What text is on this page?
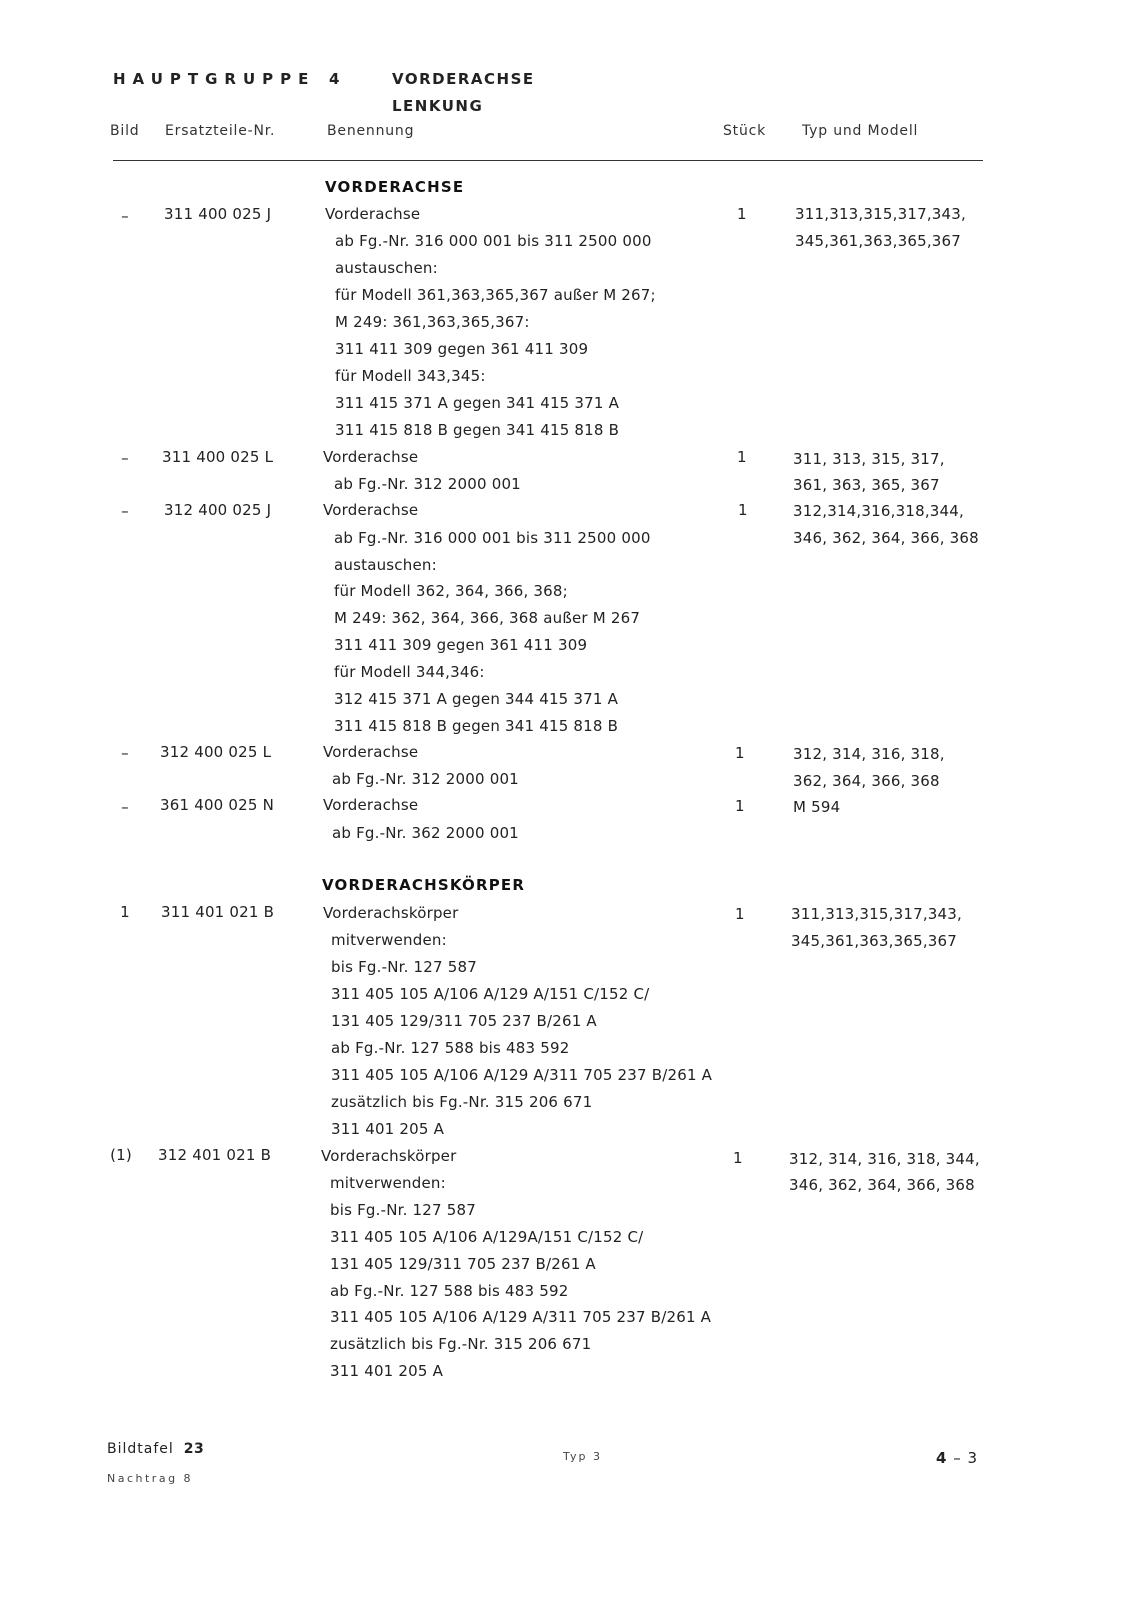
HAUPTGRUPPE 4	VORDERACHSE
LENKUNG
Bild Ersatzteile-Nr.	Benennung	Stück	Typ und Modell
VORDERACHSE
–	311 400 025 J	Vorderachse	1	311,313,315,317,343,
345,361,363,365,367
ab Fg.-Nr. 316 000 001 bis 311 2500 000
austauschen:
für Modell 361,363,365,367 außer M 267;
M 249: 361,363,365,367:
311 411 309 gegen 361 411 309
für Modell 343,345:
311 415 371 A gegen 341 415 371 A
311 415 818 B gegen 341 415 818 B
–	311 400 025 L	Vorderachse	1	311, 313, 315, 317,
361, 363, 365, 367
ab Fg.-Nr. 312 2000 001
–	312 400 025 J	Vorderachse	1	312,314,316,318,344,
346, 362, 364, 366, 368
ab Fg.-Nr. 316 000 001 bis 311 2500 000
austauschen:
für Modell 362, 364, 366, 368;
M 249: 362, 364, 366, 368 außer M 267
311 411 309 gegen 361 411 309
für Modell 344,346:
312 415 371 A gegen 344 415 371 A
311 415 818 B gegen 341 415 818 B
–	312 400 025 L	Vorderachse	1	312, 314, 316, 318,
362, 364, 366, 368
ab Fg.-Nr. 312 2000 001
–	361 400 025 N	Vorderachse	1	M 594
ab Fg.-Nr. 362 2000 001
VORDERACHSKÖRPER
1	311 401 021 B	Vorderachskörper	1	311,313,315,317,343,
345,361,363,365,367
mitverwenden:
bis Fg.-Nr. 127 587
311 405 105 A/106 A/129 A/151 C/152 C/
131 405 129/311 705 237 B/261 A
ab Fg.-Nr. 127 588 bis 483 592
311 405 105 A/106 A/129 A/311 705 237 B/261 A
zusätzlich bis Fg.-Nr. 315 206 671
311 401 205 A
(1) 312 401 021 B	Vorderachskörper	1	312, 314, 316, 318, 344,
346, 362, 364, 366, 368
mitverwenden:
bis Fg.-Nr. 127 587
311 405 105 A/106 A/129A/151 C/152 C/
131 405 129/311 705 237 B/261 A
ab Fg.-Nr. 127 588 bis 483 592
311 405 105 A/106 A/129 A/311 705 237 B/261 A
zusätzlich bis Fg.-Nr. 315 206 671
311 401 205 A
Bildtafel 23
Nachtrag 8
Typ 3	4 – 3
